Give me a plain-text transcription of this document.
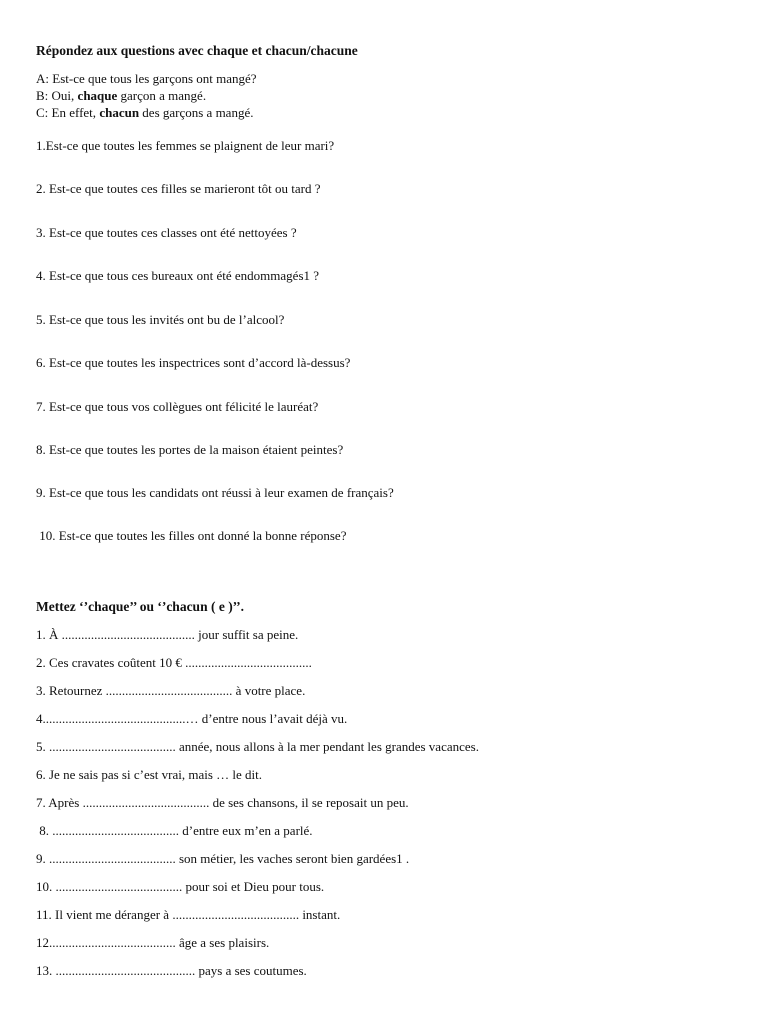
Répondez aux questions avec chaque et chacun/chacune
A: Est-ce que tous les garçons ont mangé?
B: Oui, chaque garçon a mangé.
C: En effet, chacun des garçons a mangé.
1.Est-ce que toutes les femmes se plaignent de leur mari?
2. Est-ce que toutes ces filles se marieront tôt ou tard ?
3. Est-ce que toutes ces classes ont été nettoyées ?
4. Est-ce que tous ces bureaux ont été endommagés1 ?
5. Est-ce que tous les invités ont bu de l’alcool?
6. Est-ce que toutes les inspectrices sont d’accord là-dessus?
7. Est-ce que tous vos collègues ont félicité le lauréat?
8. Est-ce que toutes les portes de la maison étaient peintes?
9. Est-ce que tous les candidats ont réussi à leur examen de français?
10. Est-ce que toutes les filles ont donné la bonne réponse?
Mettez ‘’chaque’’ ou ‘’chacun ( e )’’.
1. À ......................................... jour suffit sa peine.
2. Ces cravates coûtent 10 € .......................................
3. Retournez ....................................... à votre place.
4............................................… d’entre nous l’avait déjà vu.
5. ....................................... année, nous allons à la mer pendant les grandes vacances.
6. Je ne sais pas si c’est vrai, mais … le dit.
7. Après ....................................... de ses chansons, il se reposait un peu.
8. ....................................... d’entre eux m’en a parlé.
9. ....................................... son métier, les vaches seront bien gardées1 .
10. ....................................... pour soi et Dieu pour tous.
11. Il vient me déranger à ....................................... instant.
12....................................... âge a ses plaisirs.
13. ........................................... pays a ses coutumes.
